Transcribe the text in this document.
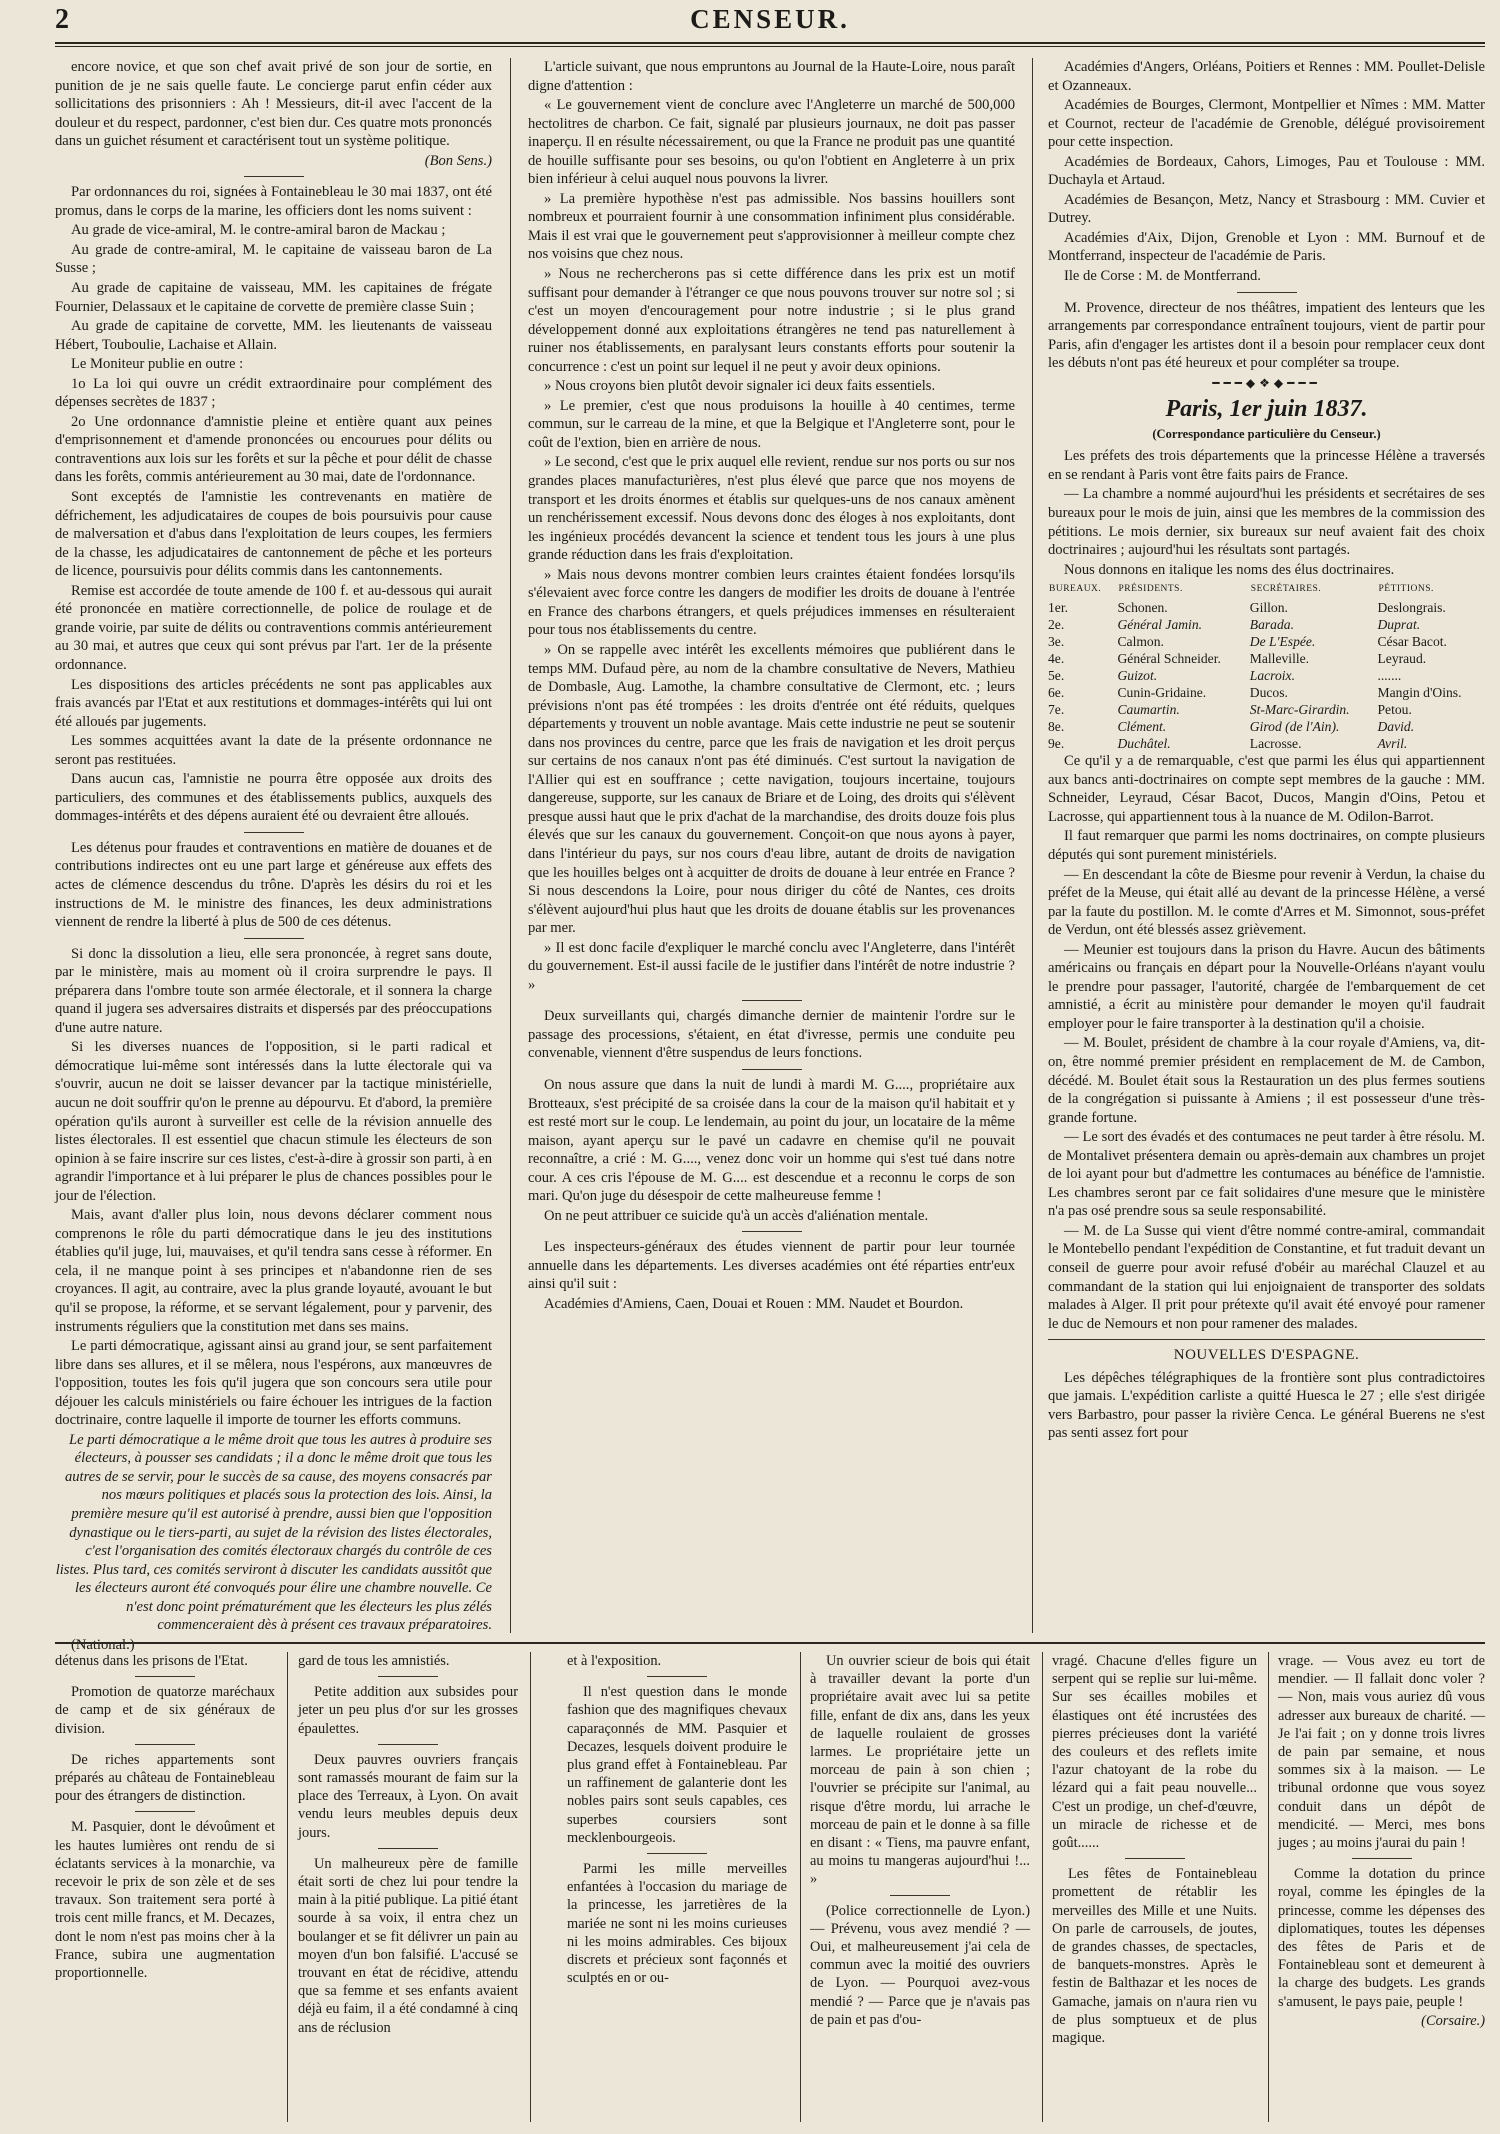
2	CENSEUR.

encore novice, et que son chef avait privé de son jour de sortie, en punition de je ne sais quelle faute. Le concierge parut enfin céder aux sollicitations des prisonniers : Ah ! Messieurs, dit-il avec l'accent de la douleur et du respect, pardonner, c'est bien dur. Ces quatre mots prononcés dans un guichet résument et caractérisent tout un système politique.

(Bon Sens.)

Par ordonnances du roi, signées à Fontainebleau le 30 mai 1837, ont été promus, dans le corps de la marine, les officiers dont les noms suivent :

Au grade de vice-amiral, M. le contre-amiral baron de Mackau ;

Au grade de contre-amiral, M. le capitaine de vaisseau baron de La Susse ;

Au grade de capitaine de vaisseau, MM. les capitaines de frégate Fournier, Delassaux et le capitaine de corvette de première classe Suin ;

Au grade de capitaine de corvette, MM. les lieutenants de vaisseau Hébert, Touboulie, Lachaise et Allain.

Le Moniteur publie en outre :

1o La loi qui ouvre un crédit extraordinaire pour complément des dépenses secrètes de 1837 ;

2o Une ordonnance d'amnistie pleine et entière quant aux peines d'emprisonnement et d'amende prononcées ou encourues pour délits ou contraventions aux lois sur les forêts et sur la pêche et pour délit de chasse dans les forêts, commis antérieurement au 30 mai, date de l'ordonnance.

Sont exceptés de l'amnistie les contrevenants en matière de défrichement, les adjudicataires de coupes de bois poursuivis pour cause de malversation et d'abus dans l'exploitation de leurs coupes, les fermiers de la chasse, les adjudicataires de cantonnement de pêche et les porteurs de licence, poursuivis pour délits commis dans les cantonnements.

Remise est accordée de toute amende de 100 f. et au-dessous qui aurait été prononcée en matière correctionnelle, de police de roulage et de grande voirie, par suite de délits ou contraventions commis antérieurement au 30 mai, et autres que ceux qui sont prévus par l'art. 1er de la présente ordonnance.

Les dispositions des articles précédents ne sont pas applicables aux frais avancés par l'Etat et aux restitutions et dommages-intérêts qui lui ont été alloués par jugements.

Les sommes acquittées avant la date de la présente ordonnance ne seront pas restituées.

Dans aucun cas, l'amnistie ne pourra être opposée aux droits des particuliers, des communes et des établissements publics, auxquels des dommages-intérêts et des dépens auraient été ou devraient être alloués.

Les détenus pour fraudes et contraventions en matière de douanes et de contributions indirectes ont eu une part large et généreuse aux effets des actes de clémence descendus du trône. D'après les désirs du roi et les instructions de M. le ministre des finances, les deux administrations viennent de rendre la liberté à plus de 500 de ces détenus.

Si donc la dissolution a lieu, elle sera prononcée, à regret sans doute, par le ministère, mais au moment où il croira surprendre le pays. Il préparera dans l'ombre toute son armée électorale, et il sonnera la charge quand il jugera ses adversaires distraits et dispersés par des préoccupations d'une autre nature.

Si les diverses nuances de l'opposition, si le parti radical et démocratique lui-même sont intéressés dans la lutte électorale qui va s'ouvrir, aucun ne doit se laisser devancer par la tactique ministérielle, aucun ne doit souffrir qu'on le prenne au dépourvu. Et d'abord, la première opération qu'ils auront à surveiller est celle de la révision annuelle des listes électorales. Il est essentiel que chacun stimule les électeurs de son opinion à se faire inscrire sur ces listes, c'est-à-dire à grossir son parti, à en agrandir l'importance et à lui préparer le plus de chances possibles pour le jour de l'élection.

Mais, avant d'aller plus loin, nous devons déclarer comment nous comprenons le rôle du parti démocratique dans le jeu des institutions établies qu'il juge, lui, mauvaises, et qu'il tendra sans cesse à réformer. En cela, il ne manque point à ses principes et n'abandonne rien de ses croyances. Il agit, au contraire, avec la plus grande loyauté, avouant le but qu'il se propose, la réforme, et se servant légalement, pour y parvenir, des instruments réguliers que la constitution met dans ses mains.

Le parti démocratique, agissant ainsi au grand jour, se sent parfaitement libre dans ses allures, et il se mêlera, nous l'espérons, aux manœuvres de l'opposition, toutes les fois qu'il jugera que son concours sera utile pour déjouer les calculs ministériels ou faire échouer les intrigues de la faction doctrinaire, contre laquelle il importe de tourner les efforts communs.

Le parti démocratique a le même droit que tous les autres à produire ses électeurs, à pousser ses candidats ; il a donc le même droit que tous les autres de se servir, pour le succès de sa cause, des moyens consacrés par nos mœurs politiques et placés sous la protection des lois. Ainsi, la première mesure qu'il est autorisé à prendre, aussi bien que l'opposition dynastique ou le tiers-parti, au sujet de la révision des listes électorales, c'est l'organisation des comités électoraux chargés du contrôle de ces listes. Plus tard, ces comités serviront à discuter les candidats aussitôt que les électeurs auront été convoqués pour élire une chambre nouvelle. Ce n'est donc point prématurément que les électeurs les plus zélés commenceraient dès à présent ces travaux préparatoires.

(National.)

L'article suivant, que nous empruntons au Journal de la Haute-Loire, nous paraît digne d'attention :

« Le gouvernement vient de conclure avec l'Angleterre un marché de 500,000 hectolitres de charbon. Ce fait, signalé par plusieurs journaux, ne doit pas passer inaperçu. Il en résulte nécessairement, ou que la France ne produit pas une quantité de houille suffisante pour ses besoins, ou qu'on l'obtient en Angleterre à un prix bien inférieur à celui auquel nous pouvons la livrer.

» La première hypothèse n'est pas admissible. Nos bassins houillers sont nombreux et pourraient fournir à une consommation infiniment plus considérable. Mais il est vrai que le gouvernement peut s'approvisionner à meilleur compte chez nos voisins que chez nous.

» Nous ne rechercherons pas si cette différence dans les prix est un motif suffisant pour demander à l'étranger ce que nous pouvons trouver sur notre sol ; si c'est un moyen d'encouragement pour notre industrie ; si le plus grand développement donné aux exploitations étrangères ne tend pas naturellement à ruiner nos établissements, en paralysant leurs constants efforts pour soutenir la concurrence : c'est un point sur lequel il ne peut y avoir deux opinions.

» Nous croyons bien plutôt devoir signaler ici deux faits essentiels.

» Le premier, c'est que nous produisons la houille à 40 centimes, terme commun, sur le carreau de la mine, et que la Belgique et l'Angleterre sont, pour le coût de l'extion, bien en arrière de nous.

» Le second, c'est que le prix auquel elle revient, rendue sur nos ports ou sur nos grandes places manufacturières, n'est plus élevé que parce que nos moyens de transport et les droits énormes et établis sur quelques-uns de nos canaux amènent un renchérissement excessif. Nous devons donc des éloges à nos exploitants, dont les ingénieux procédés devancent la science et tendent tous les jours à une plus grande réduction dans les frais d'exploitation.

» Mais nous devons montrer combien leurs craintes étaient fondées lorsqu'ils s'élevaient avec force contre les dangers de modifier les droits de douane à l'entrée en France des charbons étrangers, et quels préjudices immenses en résulteraient pour tous nos établissements du centre.

» On se rappelle avec intérêt les excellents mémoires que publiérent dans le temps MM. Dufaud père, au nom de la chambre consultative de Nevers, Mathieu de Dombasle, Aug. Lamothe, la chambre consultative de Clermont, etc. ; leurs prévisions n'ont pas été trompées : les droits d'entrée ont été réduits, quelques départements y trouvent un noble avantage. Mais cette industrie ne peut se soutenir dans nos provinces du centre, parce que les frais de navigation et les droit perçus sur certains de nos canaux n'ont pas été diminués. C'est surtout la navigation de l'Allier qui est en souffrance ; cette navigation, toujours incertaine, toujours dangereuse, supporte, sur les canaux de Briare et de Loing, des droits qui s'élèvent presque aussi haut que le prix d'achat de la marchandise, des droits douze fois plus élevés que sur les canaux du gouvernement. Conçoit-on que nous ayons à payer, dans l'intérieur du pays, sur nos cours d'eau libre, autant de droits de navigation que les houilles belges ont à acquitter de droits de douane à leur entrée en France ? Si nous descendons la Loire, pour nous diriger du côté de Nantes, ces droits s'élèvent aujourd'hui plus haut que les droits de douane établis sur les provenances par mer.

» Il est donc facile d'expliquer le marché conclu avec l'Angleterre, dans l'intérêt du gouvernement. Est-il aussi facile de le justifier dans l'intérêt de notre industrie ? »

Deux surveillants qui, chargés dimanche dernier de maintenir l'ordre sur le passage des processions, s'étaient, en état d'ivresse, permis une conduite peu convenable, viennent d'être suspendus de leurs fonctions.

On nous assure que dans la nuit de lundi à mardi M. G...., propriétaire aux Brotteaux, s'est précipité de sa croisée dans la cour de la maison qu'il habitait et y est resté mort sur le coup. Le lendemain, au point du jour, un locataire de la même maison, ayant aperçu sur le pavé un cadavre en chemise qu'il ne pouvait reconnaître, a crié : M. G...., venez donc voir un homme qui s'est tué dans notre cour. A ces cris l'épouse de M. G.... est descendue et a reconnu le corps de son mari. Qu'on juge du désespoir de cette malheureuse femme !

On ne peut attribuer ce suicide qu'à un accès d'aliénation mentale.

Les inspecteurs-généraux des études viennent de partir pour leur tournée annuelle dans les départements. Les diverses académies ont été réparties entr'eux ainsi qu'il suit :

Académies d'Amiens, Caen, Douai et Rouen : MM. Naudet et Bourdon.

Académies d'Angers, Orléans, Poitiers et Rennes : MM. Poullet-Delisle et Ozanneaux.

Académies de Bourges, Clermont, Montpellier et Nîmes : MM. Matter et Cournot, recteur de l'académie de Grenoble, délégué provisoirement pour cette inspection.

Académies de Bordeaux, Cahors, Limoges, Pau et Toulouse : MM. Duchayla et Artaud.

Académies de Besançon, Metz, Nancy et Strasbourg : MM. Cuvier et Dutrey.

Académies d'Aix, Dijon, Grenoble et Lyon : MM. Burnouf et de Montferrand, inspecteur de l'académie de Paris.

Ile de Corse : M. de Montferrand.

M. Provence, directeur de nos théâtres, impatient des lenteurs que les arrangements par correspondance entraînent toujours, vient de partir pour Paris, afin d'engager les artistes dont il a besoin pour remplacer ceux dont les débuts n'ont pas été heureux et pour compléter sa troupe.

━━━◆❖◆━━━
Paris, 1er juin 1837.
(Correspondance particulière du Censeur.)

Les préfets des trois départements que la princesse Hélène a traversés en se rendant à Paris vont être faits pairs de France.

— La chambre a nommé aujourd'hui les présidents et secrétaires de ses bureaux pour le mois de juin, ainsi que les membres de la commission des pétitions. Le mois dernier, six bureaux sur neuf avaient fait des choix doctrinaires ; aujourd'hui les résultats sont partagés.

Nous donnons en italique les noms des élus doctrinaires.

BUREAUX.	PRÉSIDENTS.	SECRÉTAIRES.	PÉTITIONS.
1er.	Schonen.	Gillon.	Deslongrais.
2e.	Général Jamin.	Barada.	Duprat.
3e.	Calmon.	De L'Espée.	César Bacot.
4e.	Général Schneider.	Malleville.	Leyraud.
5e.	Guizot.	Lacroix.	.......
6e.	Cunin-Gridaine.	Ducos.	Mangin d'Oins.
7e.	Caumartin.	St-Marc-Girardin.	Petou.
8e.	Clément.	Girod (de l'Ain).	David.
9e.	Duchâtel.	Lacrosse.	Avril.

Ce qu'il y a de remarquable, c'est que parmi les élus qui appartiennent aux bancs anti-doctrinaires on compte sept membres de la gauche : MM. Schneider, Leyraud, César Bacot, Ducos, Mangin d'Oins, Petou et Lacrosse, qui appartiennent tous à la nuance de M. Odilon-Barrot.

Il faut remarquer que parmi les noms doctrinaires, on compte plusieurs députés qui sont purement ministériels.

— En descendant la côte de Biesme pour revenir à Verdun, la chaise du préfet de la Meuse, qui était allé au devant de la princesse Hélène, a versé par la faute du postillon. M. le comte d'Arres et M. Simonnot, sous-préfet de Verdun, ont été blessés assez grièvement.

— Meunier est toujours dans la prison du Havre. Aucun des bâtiments américains ou français en départ pour la Nouvelle-Orléans n'ayant voulu le prendre pour passager, l'autorité, chargée de l'embarquement de cet amnistié, a écrit au ministère pour demander le moyen qu'il faudrait employer pour le faire transporter à la destination qu'il a choisie.

— M. Boulet, président de chambre à la cour royale d'Amiens, va, dit-on, être nommé premier président en remplacement de M. de Cambon, décédé. M. Boulet était sous la Restauration un des plus fermes soutiens de la congrégation si puissante à Amiens ; il est possesseur d'une très-grande fortune.

— Le sort des évadés et des contumaces ne peut tarder à être résolu. M. de Montalivet présentera demain ou après-demain aux chambres un projet de loi ayant pour but d'admettre les contumaces au bénéfice de l'amnistie. Les chambres seront par ce fait solidaires d'une mesure que le ministère n'a pas osé prendre sous sa seule responsabilité.

— M. de La Susse qui vient d'être nommé contre-amiral, commandait le Montebello pendant l'expédition de Constantine, et fut traduit devant un conseil de guerre pour avoir refusé d'obéir au maréchal Clauzel et au commandant de la station qui lui enjoignaient de transporter des soldats malades à Alger. Il prit pour prétexte qu'il avait été envoyé pour ramener le duc de Nemours et non pour ramener des malades.

NOUVELLES D'ESPAGNE.

Les dépêches télégraphiques de la frontière sont plus contradictoires que jamais. L'expédition carliste a quitté Huesca le 27 ; elle s'est dirigée vers Barbastro, pour passer la rivière Cenca. Le général Buerens ne s'est pas senti assez fort pour

détenus dans les prisons de l'Etat.

Promotion de quatorze maréchaux de camp et de six généraux de division.

De riches appartements sont préparés au château de Fontainebleau pour des étrangers de distinction.

M. Pasquier, dont le dévoûment et les hautes lumières ont rendu de si éclatants services à la monarchie, va recevoir le prix de son zèle et de ses travaux. Son traitement sera porté à trois cent mille francs, et M. Decazes, dont le nom n'est pas moins cher à la France, subira une augmentation proportionnelle.

gard de tous les amnistiés.

Petite addition aux subsides pour jeter un peu plus d'or sur les grosses épaulettes.

Deux pauvres ouvriers français sont ramassés mourant de faim sur la place des Terreaux, à Lyon. On avait vendu leurs meubles depuis deux jours.

Un malheureux père de famille était sorti de chez lui pour tendre la main à la pitié publique. La pitié étant sourde à sa voix, il entra chez un boulanger et se fit délivrer un pain au moyen d'un bon falsifié. L'accusé se trouvant en état de récidive, attendu que sa femme et ses enfants avaient déjà eu faim, il a été condamné à cinq ans de réclusion

et à l'exposition.

Il n'est question dans le monde fashion que des magnifiques chevaux caparaçonnés de MM. Pasquier et Decazes, lesquels doivent produire le plus grand effet à Fontainebleau. Par un raffinement de galanterie dont les nobles pairs sont seuls capables, ces superbes coursiers sont mecklenbourgeois.

Parmi les mille merveilles enfantées à l'occasion du mariage de la princesse, les jarretières de la mariée ne sont ni les moins curieuses ni les moins admirables. Ces bijoux discrets et précieux sont façonnés et sculptés en or ou-

Un ouvrier scieur de bois qui était à travailler devant la porte d'un propriétaire avait avec lui sa petite fille, enfant de dix ans, dans les yeux de laquelle roulaient de grosses larmes. Le propriétaire jette un morceau de pain à son chien ; l'ouvrier se précipite sur l'animal, au risque d'être mordu, lui arrache le morceau de pain et le donne à sa fille en disant : « Tiens, ma pauvre enfant, au moins tu mangeras aujourd'hui !... »

(Police correctionnelle de Lyon.) — Prévenu, vous avez mendié ? — Oui, et malheureusement j'ai cela de commun avec la moitié des ouvriers de Lyon. — Pourquoi avez-vous mendié ? — Parce que je n'avais pas de pain et pas d'ou-

vragé. Chacune d'elles figure un serpent qui se replie sur lui-même. Sur ses écailles mobiles et élastiques ont été incrustées des pierres précieuses dont la variété des couleurs et des reflets imite l'azur chatoyant de la robe du lézard qui a fait peau nouvelle... C'est un prodige, un chef-d'œuvre, un miracle de richesse et de goût......

Les fêtes de Fontainebleau promettent de rétablir les merveilles des Mille et une Nuits. On parle de carrousels, de joutes, de grandes chasses, de spectacles, de banquets-monstres. Après le festin de Balthazar et les noces de Gamache, jamais on n'aura rien vu de plus somptueux et de plus magique.

vrage. — Vous avez eu tort de mendier. — Il fallait donc voler ? — Non, mais vous auriez dû vous adresser aux bureaux de charité. — Je l'ai fait ; on y donne trois livres de pain par semaine, et nous sommes six à la maison. — Le tribunal ordonne que vous soyez conduit dans un dépôt de mendicité. — Merci, mes bons juges ; au moins j'aurai du pain !

Comme la dotation du prince royal, comme les épingles de la princesse, comme les dépenses des diplomatiques, toutes les dépenses des fêtes de Paris et de Fontainebleau sont et demeurent à la charge des budgets. Les grands s'amusent, le pays paie, peuple !

(Corsaire.)
